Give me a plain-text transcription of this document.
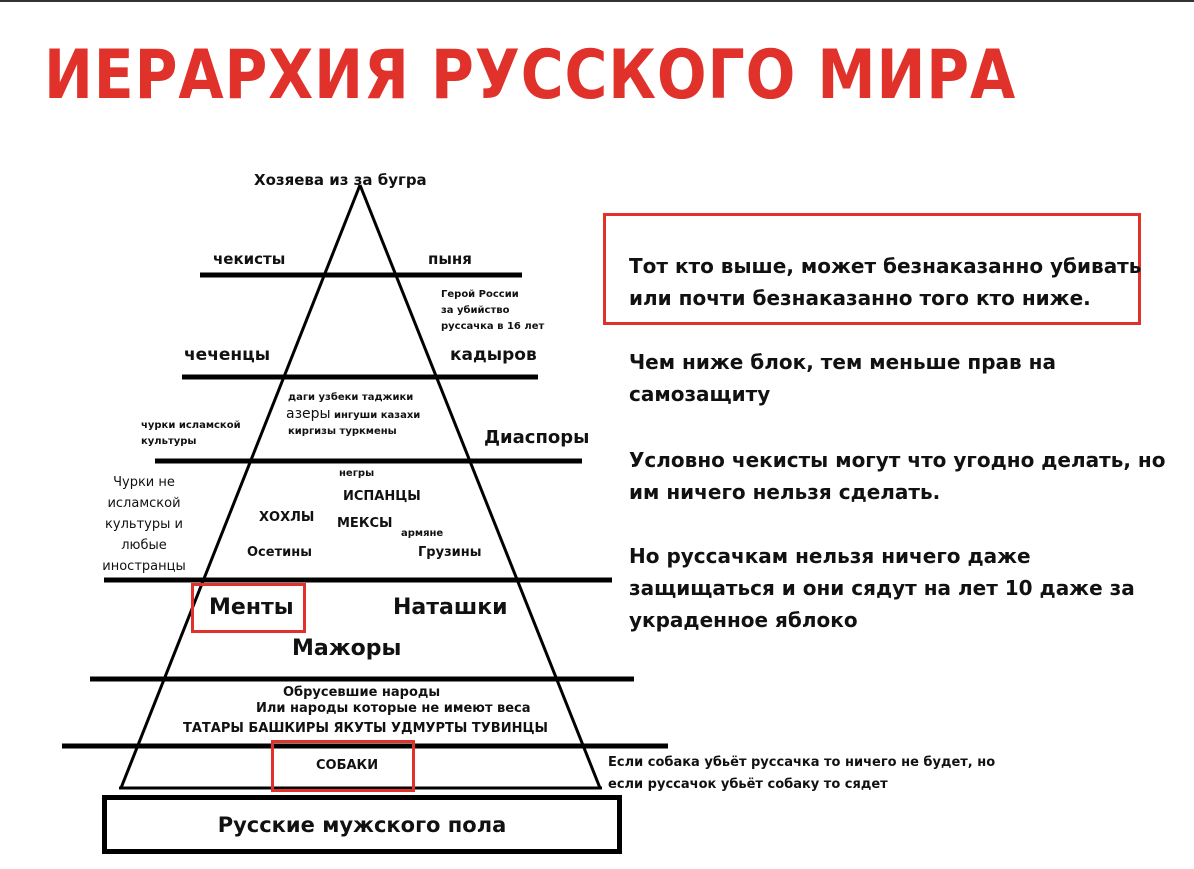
ИЕРАРХИЯ РУССКОГО МИРА
Хозяева из за бугра
чекисты	пыня
Герой России
за убийство
руссачка в 16 лет
чеченцы	кадыров
чурки исламской
культуры
даги узбеки таджики
азеры ингуши казахи
киргизы туркмены	Диаспоры
Чурки не
исламской
культуры и
любые
иностранцы
негры
ИСПАНЦЫ
ХОХЛЫ МЕКСЫ
армяне
Осетины	Грузины
Менты	Наташки
Мажоры
Обрусевшие народы
Или народы которые не имеют веса
ТАТАРЫ БАШКИРЫ ЯКУТЫ УДМУРТЫ ТУВИНЦЫ
СОБАКИ
Русские мужского пола
Тот кто выше, может безнаказанно убивать
или почти безнаказанно того кто ниже.
Чем ниже блок, тем меньше прав на
самозащиту
Условно чекисты могут что угодно делать, но
им ничего нельзя сделать.
Но руссачкам нельзя ничего даже
защищаться и они сядут на лет 10 даже за
украденное яблоко
Если собака убьёт руссачка то ничего не будет, но
если руссачок убьёт собаку то сядет
